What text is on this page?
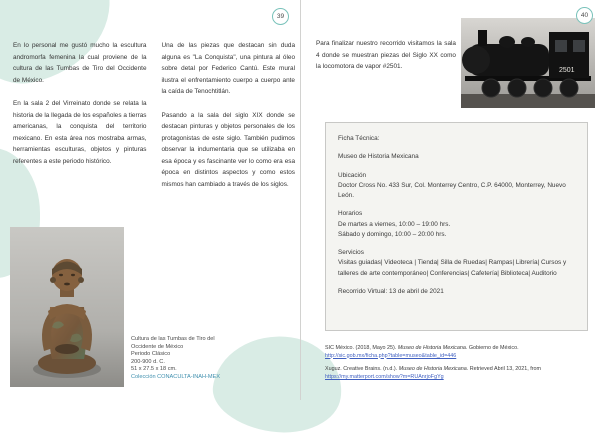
39	40

En lo personal me gustó mucho la escultura andromorfa femenina la cual proviene de la cultura de las Tumbas de Tiro del Occidente de México.

En la sala 2 del Virreinato donde se relata la historia de la llegada de los españoles a tierras americanas, la conquista del territorio mexicano. En esta área nos mostraba armas, herramientas esculturas, objetos y pinturas referentes a este periodo histórico.

Una de las piezas que destacan sin duda alguna es "La Conquista", una pintura al óleo sobre detal por Federico Cantú. Este mural ilustra el enfrentamiento cuerpo a cuerpo ante la caída de Tenochtitlán.

Pasando a la sala del siglo XIX donde se destacan pinturas y objetos personales de los protagonistas de este siglo. También pudimos observar la indumentaria que se utilizaba en esa época y es fascinante ver lo como era esa época en distintos aspectos y como estos mismos han cambiado a través de los siglos.

Cultura de las Tumbas de Tiro del
Occidente de México
Periodo Clásico
200-900 d. C.
51 x 27.5 x 18 cm.
Colección CONACULTA-INAH-MEX

Para finalizar nuestro recorrido visitamos la sala 4 donde se muestran piezas del Siglo XX como la locomotora de vapor #2501.

2501

Ficha Técnica:

Museo de Historia Mexicana

Ubicación

Doctor Cross No. 433 Sur, Col. Monterrey Centro, C.P. 64000, Monterrey, Nuevo León.

Horarios

De martes a viernes, 10:00 – 19:00 hrs.

Sábado y domingo, 10:00 – 20:00 hrs.

Servicios

Visitas guiadas| Videoteca | Tienda| Silla de Ruedas| Rampas| Librería| Cursos y talleres de arte contemporáneo| Conferencias| Cafetería| Biblioteca| Auditorio

Recorrido Virtual: 13 de abril de 2021

SIC México. (2018, Mayo 25). Museo de Historia Mexicana. Gobierno de México.
http://sic.gob.mx/ficha.php?table=museo&table_id=446
Xuguz. Creative Brains. (n.d.). Museo de Historia Mexicana. Retrieved Abril 13, 2021, from
https://my.matterport.com/show?m=RUAnrjoFgYg
